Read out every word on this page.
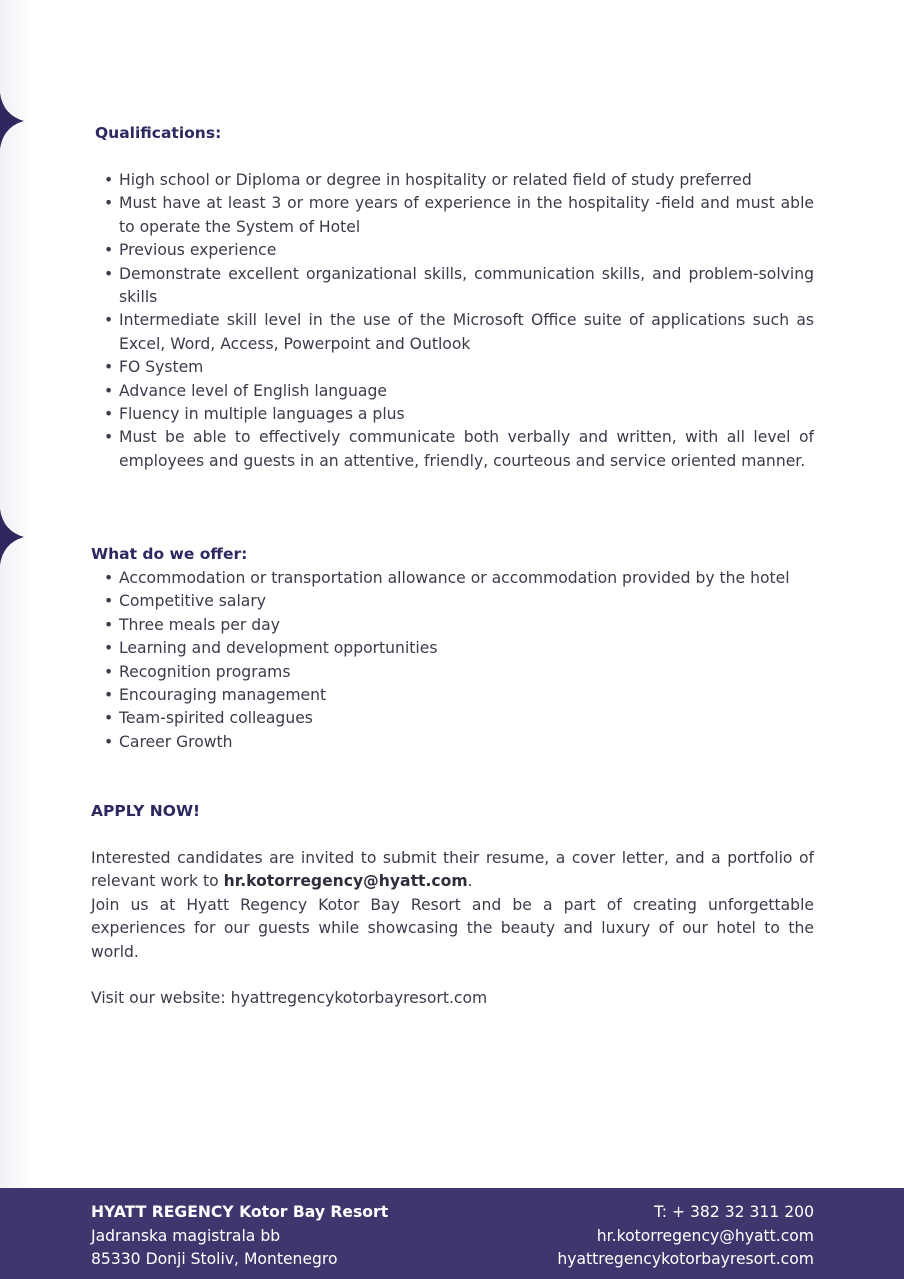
Qualifications:
• High school or Diploma or degree in hospitality or related field of study preferred
• Must have at least 3 or more years of experience in the hospitality -field and must able to operate the System of Hotel
• Previous experience
• Demonstrate excellent organizational skills, communication skills, and problem-solving skills
• Intermediate skill level in the use of the Microsoft Office suite of applications such as Excel, Word, Access, Powerpoint and Outlook
• FO System
• Advance level of English language
• Fluency in multiple languages a plus
• Must be able to effectively communicate both verbally and written, with all level of employees and guests in an attentive, friendly, courteous and service oriented manner.
What do we offer:
• Accommodation or transportation allowance or accommodation provided by the hotel
• Competitive salary
• Three meals per day
• Learning and development opportunities
• Recognition programs
• Encouraging management
• Team-spirited colleagues
• Career Growth
APPLY NOW!

Interested candidates are invited to submit their resume, a cover letter, and a portfolio of relevant work to hr.kotorregency@hyatt.com.

Join us at Hyatt Regency Kotor Bay Resort and be a part of creating unforgettable experiences for our guests while showcasing the beauty and luxury of our hotel to the world.

Visit our website: hyattregencykotorbayresort.com

HYATT REGENCY Kotor Bay Resort
Jadranska magistrala bb
85330 Donji Stoliv, Montenegro
T: + 382 32 311 200
hr.kotorregency@hyatt.com
hyattregencykotorbayresort.com
